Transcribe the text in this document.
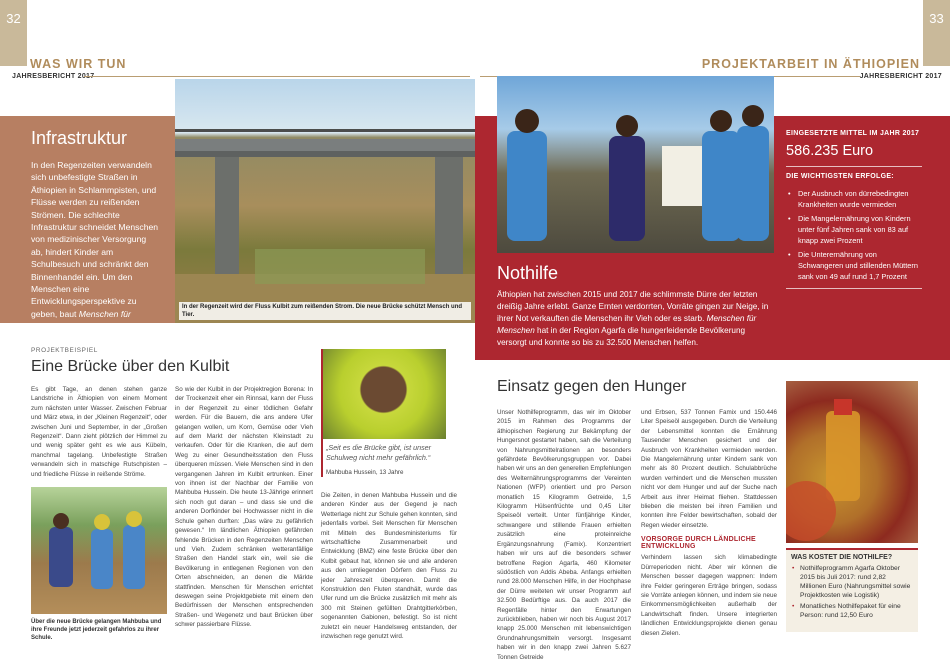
32
WAS WIR TUN
JAHRESBERICHT 2017
In der Regenzeit wird der Fluss Kulbit zum reißenden Strom. Die neue Brücke schützt Mensch und Tier.
Infrastruktur
In den Regenzeiten verwandeln sich unbefestigte Straßen in Äthiopien in Schlammpisten, und Flüsse werden zu reißenden Strömen. Die schlechte Infrastruktur schneidet Menschen von medizinischer Versorgung ab, hindert Kinder am Schulbesuch und schränkt den Binnenhandel ein. Um den Menschen eine Entwicklungsperspektive zu geben, baut Menschen für Menschen Straßen, Wege und Brücken.
PROJEKTBEISPIEL
Eine Brücke über den Kulbit
Es gibt Tage, an denen stehen ganze Landstriche in Äthiopien von einem Moment zum nächsten unter Wasser. Zwischen Februar und März etwa, in der „Kleinen Regenzeit“, oder zwischen Juni und September, in der „Großen Regenzeit“. Dann zieht plötzlich der Himmel zu und wenig später geht es wie aus Kübeln, manchmal tagelang. Unbefestigte Straßen verwandeln sich in matschige Rutschpisten – und friedliche Flüsse in reißende Ströme.
Über die neue Brücke gelangen Mahbuba und ihre Freunde jetzt jederzeit gefahrlos zu ihrer Schule.
So wie der Kulbit in der Projektregion Borena: In der Trockenzeit eher ein Rinnsal, kann der Fluss in der Regenzeit zu einer tödlichen Gefahr werden. Für die Bauern, die ans andere Ufer gelangen wollen, um Korn, Gemüse oder Vieh auf dem Markt der nächsten Kleinstadt zu verkaufen. Oder für die Kranken, die auf dem Weg zu einer Gesundheitsstation den Fluss überqueren müssen. Viele Menschen sind in den vergangenen Jahren im Kulbit ertrunken. Einer von ihnen ist der Nachbar der Familie von Mahbuba Hussein. Die heute 13-Jährige erinnert sich noch gut daran – und dass sie und die anderen Dorfkinder bei Hochwasser nicht in die Schule gehen durften: „Das wäre zu gefährlich gewesen.“ Im ländlichen Äthiopien gefährden fehlende Brücken in den Regenzeiten Menschen und Vieh. Zudem schränken wetteranfällige Straßen den Handel stark ein, weil sie die Bevölkerung in entlegenen Regionen von den Orten abschneiden, an denen die Märkte stattfinden. Menschen für Menschen errichtet deswegen seine Projektgebiete mit einem den Bedürfnissen der Menschen entsprechenden Straßen- und Wegenetz und baut Brücken über schwer passierbare Flüsse.
„Seit es die Brücke gibt, ist unser Schulweg nicht mehr gefährlich.“
Mahbuba Hussein, 13 Jahre
Die Zeiten, in denen Mahbuba Hussein und die anderen Kinder aus der Gegend je nach Wetterlage nicht zur Schule gehen konnten, sind jedenfalls vorbei. Seit Menschen für Menschen mit Mitteln des Bundesministeriums für wirtschaftliche Zusammenarbeit und Entwicklung (BMZ) eine feste Brücke über den Kulbit gebaut hat, können sie und alle anderen aus den umliegenden Dörfern den Fluss zu jeder Jahreszeit überqueren. Damit die Konstruktion den Fluten standhält, wurde das Ufer rund um die Brücke zusätzlich mit mehr als 300 mit Steinen gefüllten Drahtgitterkörben, sogenannten Gabionen, befestigt. So ist nicht zuletzt ein neuer Handelsweg entstanden, der inzwischen rege genutzt wird.
33
PROJEKTARBEIT IN ÄTHIOPIEN
JAHRESBERICHT 2017
Nothilfe
Äthiopien hat zwischen 2015 und 2017 die schlimmste Dürre der letzten dreißig Jahre erlebt. Ganze Ernten verdorrten, Vorräte gingen zur Neige, in ihrer Not verkauften die Menschen ihr Vieh oder es starb. Menschen für Menschen hat in der Region Agarfa die hungerleidende Bevölkerung versorgt und konnte so bis zu 32.500 Menschen helfen.
EINGESETZTE MITTEL IM JAHR 2017
586.235 Euro
DIE WICHTIGSTEN ERFOLGE:
• Der Ausbruch von dürrebedingten Krankheiten wurde vermieden
• Die Mangelernährung von Kindern unter fünf Jahren sank von 83 auf knapp zwei Prozent
• Die Unterernährung von Schwangeren und stillenden Müttern sank von 49 auf rund 1,7 Prozent
Einsatz gegen den Hunger
Unser Nothilfeprogramm, das wir im Oktober 2015 im Rahmen des Programms der äthiopischen Regierung zur Bekämpfung der Hungersnot gestartet haben, sah die Verteilung von Nahrungsmittelrationen an besonders gefährdete Bevölkerungsgruppen vor. Dabei haben wir uns an den generellen Empfehlungen des Welternährungsprogramms der Vereinten Nationen (WFP) orientiert und pro Person monatlich 15 Kilogramm Getreide, 1,5 Kilogramm Hülsenfrüchte und 0,45 Liter Speiseöl verteilt. Unter fünfjährige Kinder, schwangere und stillende Frauen erhielten zusätzlich eine proteinreiche Ergänzungsnahrung (Famix). Konzentriert haben wir uns auf die besonders schwer betroffene Region Agarfa, 460 Kilometer südöstlich von Addis Abeba. Anfangs erhielten rund 28.000 Menschen Hilfe, in der Hochphase der Dürre weiteten wir unser Programm auf 32.500 Bedürftige aus. Da auch 2017 die Regenfälle hinter den Erwartungen zurückblieben, haben wir noch bis August 2017 knapp 25.000 Menschen mit lebenswichtigen Grundnahrungsmitteln versorgt. Insgesamt haben wir in den knapp zwei Jahren 5.627 Tonnen Getreide
und Erbsen, 537 Tonnen Famix und 150.446 Liter Speiseöl ausgegeben. Durch die Verteilung der Lebensmittel konnten die Ernährung Tausender Menschen gesichert und der Ausbruch von Krankheiten vermieden werden. Die Mangelernährung unter Kindern sank von mehr als 80 Prozent deutlich. Schulabbrüche wurden verhindert und die Menschen mussten nicht vor dem Hunger und auf der Suche nach Arbeit aus ihrer Heimat fliehen. Stattdessen blieben die meisten bei ihren Familien und konnten ihre Felder bewirtschaften, sobald der Regen wieder einsetzte.
VORSORGE DURCH LÄNDLICHE ENTWICKLUNG
Verhindern lassen sich klimabedingte Dürreperioden nicht. Aber wir können die Menschen besser dagegen wappnen: Indem ihre Felder geringeren Erträge bringen, sodass sie Vorräte anlegen können, und indem sie neue Einkommensmöglichkeiten außerhalb der Landwirtschaft finden. Unsere integrierten ländlichen Entwicklungsprojekte dienen genau diesen Zielen.
WAS KOSTET DIE NOTHILFE?
• Nothilfeprogramm Agarfa Oktober 2015 bis Juli 2017: rund 2,82 Millionen Euro (Nahrungsmittel sowie Projektkosten wie Logistik)
• Monatliches Nothilfepaket für eine Person: rund 12,50 Euro
